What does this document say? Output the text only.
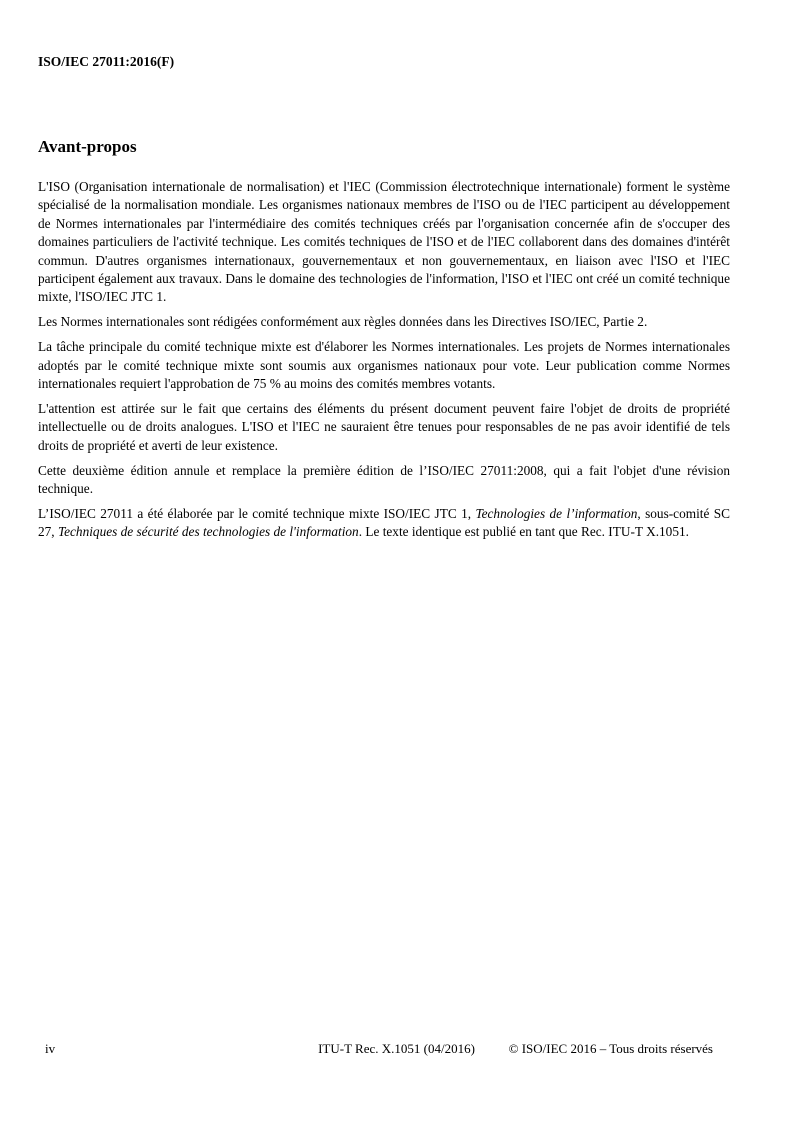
ISO/IEC 27011:2016(F)
Avant-propos

L'ISO (Organisation internationale de normalisation) et l'IEC (Commission électrotechnique internationale) forment le système spécialisé de la normalisation mondiale. Les organismes nationaux membres de l'ISO ou de l'IEC participent au développement de Normes internationales par l'intermédiaire des comités techniques créés par l'organisation concernée afin de s'occuper des domaines particuliers de l'activité technique. Les comités techniques de l'ISO et de l'IEC collaborent dans des domaines d'intérêt commun. D'autres organismes internationaux, gouvernementaux et non gouvernementaux, en liaison avec l'ISO et l'IEC participent également aux travaux. Dans le domaine des technologies de l'information, l'ISO et l'IEC ont créé un comité technique mixte, l'ISO/IEC JTC 1.

Les Normes internationales sont rédigées conformément aux règles données dans les Directives ISO/IEC, Partie 2.

La tâche principale du comité technique mixte est d'élaborer les Normes internationales. Les projets de Normes internationales adoptés par le comité technique mixte sont soumis aux organismes nationaux pour vote. Leur publication comme Normes internationales requiert l'approbation de 75 % au moins des comités membres votants.

L'attention est attirée sur le fait que certains des éléments du présent document peuvent faire l'objet de droits de propriété intellectuelle ou de droits analogues. L'ISO et l'IEC ne sauraient être tenues pour responsables de ne pas avoir identifié de tels droits de propriété et averti de leur existence.

Cette deuxième édition annule et remplace la première édition de l’ISO/IEC 27011:2008, qui a fait l'objet d'une révision technique.

L’ISO/IEC 27011 a été élaborée par le comité technique mixte ISO/IEC JTC 1, Technologies de l’information, sous-comité SC 27, Techniques de sécurité des technologies de l'information. Le texte identique est publié en tant que Rec. ITU-T X.1051.

iv	ITU-T Rec. X.1051 (04/2016)	© ISO/IEC 2016 – Tous droits réservés
